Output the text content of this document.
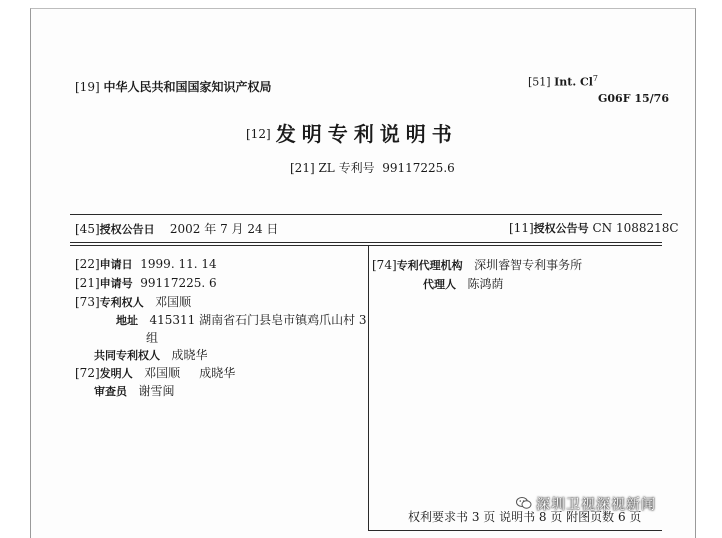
[19] 中华人民共和国国家知识产权局	[51] Int. Cl$^7$
G06F 15/76
[12] 发明专利说明书
[21] ZL 专利号 99117225.6
[45]授权公告日 2002 年 7 月 24 日	[11]授权公告号 CN 1088218C
[22]申请日 1999. 11. 14
[21]申请号 99117225. 6
[73]专利权人 邓国顺
地址 415311 湖南省石门县皂市镇鸡爪山村 3
组
共同专利权人 成晓华
[72]发明人 邓国顺 成晓华
审查员 谢雪闽
[74]专利代理机构 深圳睿智专利事务所
代理人 陈鸿荫
权利要求书 3 页 说明书 8 页 附图页数 6 页
深圳卫视深视新闻
